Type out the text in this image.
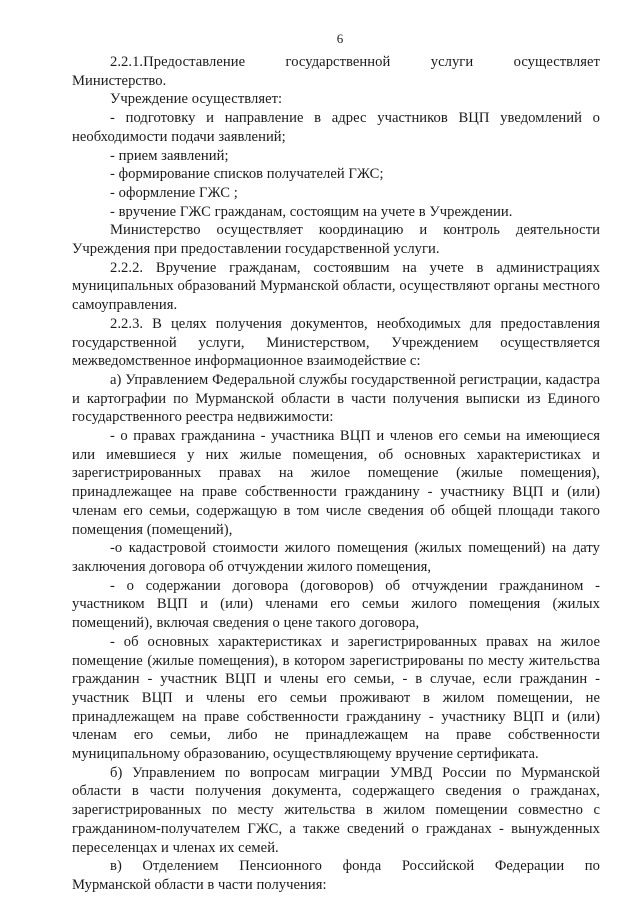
6
2.2.1.Предоставление	государственной	услуги	осуществляет

Министерство.

Учреждение осуществляет:

- подготовку и направление в адрес участников ВЦП уведомлений о необходимости подачи заявлений;

- прием заявлений;

- формирование списков получателей ГЖС;

- оформление ГЖС ;

- вручение ГЖС гражданам, состоящим на учете в Учреждении.

Министерство осуществляет координацию и контроль деятельности Учреждения при предоставлении государственной услуги.

2.2.2. Вручение гражданам, состоявшим на учете в администрациях муниципальных образований Мурманской области, осуществляют органы местного самоуправления.

2.2.3. В целях получения документов, необходимых для предоставления государственной услуги, Министерством, Учреждением осуществляется межведомственное информационное взаимодействие с:

а) Управлением Федеральной службы государственной регистрации, кадастра и картографии по Мурманской области в части получения выписки из Единого государственного реестра недвижимости:

- о правах гражданина - участника ВЦП и членов его семьи на имеющиеся или имевшиеся у них жилые помещения, об основных характеристиках и зарегистрированных правах на жилое помещение (жилые помещения), принадлежащее на праве собственности гражданину - участнику ВЦП и (или) членам его семьи, содержащую в том числе сведения об общей площади такого помещения (помещений),

-о кадастровой стоимости жилого помещения (жилых помещений) на дату заключения договора об отчуждении жилого помещения,

- о содержании договора (договоров) об отчуждении гражданином - участником ВЦП и (или) членами его семьи жилого помещения (жилых помещений), включая сведения о цене такого договора,

- об основных характеристиках и зарегистрированных правах на жилое помещение (жилые помещения), в котором зарегистрированы по месту жительства гражданин - участник ВЦП и члены его семьи, - в случае, если гражданин - участник ВЦП и члены его семьи проживают в жилом помещении, не принадлежащем на праве собственности гражданину - участнику ВЦП и (или) членам его семьи, либо не принадлежащем на праве собственности муниципальному образованию, осуществляющему вручение сертификата.

б) Управлением по вопросам миграции УМВД России по Мурманской области в части получения документа, содержащего сведения о гражданах, зарегистрированных по месту жительства в жилом помещении совместно с гражданином-получателем ГЖС, а также сведений о гражданах - вынужденных переселенцах и членах их семей.

в) Отделением Пенсионного фонда Российской Федерации по

Мурманской области в части получения:
